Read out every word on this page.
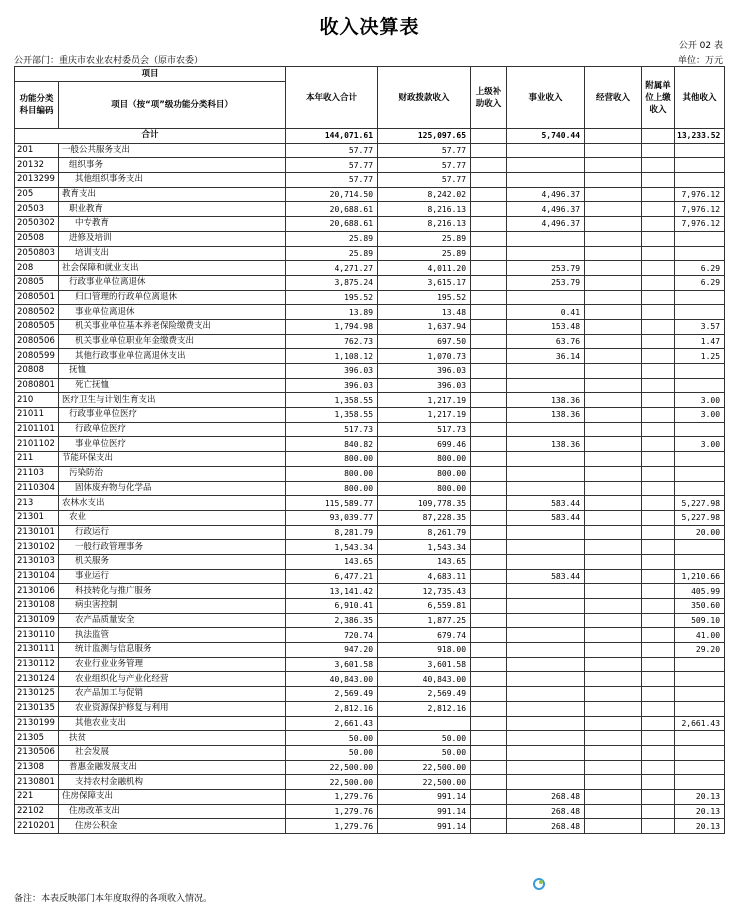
收入决算表
公开 02 表
公开部门：重庆市农业农村委员会（原市农委）	单位：万元
项目		本年收入合计	财政拨款收入	上级补助收入	事业收入	经营收入	附属单位上缴收入	其他收入
功能分类科目编码	项目（按“项”级功能分类科目）							
合计		144,071.61	125,097.65		5,740.44			13,233.52
201	一般公共服务支出	57.77	57.77					
20132	组织事务	57.77	57.77					
2013299	其他组织事务支出	57.77	57.77					
205	教育支出	20,714.50	8,242.02		4,496.37			7,976.12
20503	职业教育	20,688.61	8,216.13		4,496.37			7,976.12
2050302	中专教育	20,688.61	8,216.13		4,496.37			7,976.12
20508	进修及培训	25.89	25.89					
2050803	培训支出	25.89	25.89					
208	社会保障和就业支出	4,271.27	4,011.20		253.79			6.29
20805	行政事业单位离退休	3,875.24	3,615.17		253.79			6.29
2080501	归口管理的行政单位离退休	195.52	195.52					
2080502	事业单位离退休	13.89	13.48		0.41			
2080505	机关事业单位基本养老保险缴费支出	1,794.98	1,637.94		153.48			3.57
2080506	机关事业单位职业年金缴费支出	762.73	697.50		63.76			1.47
2080599	其他行政事业单位离退休支出	1,108.12	1,070.73		36.14			1.25
20808	抚恤	396.03	396.03					
2080801	死亡抚恤	396.03	396.03					
210	医疗卫生与计划生育支出	1,358.55	1,217.19		138.36			3.00
21011	行政事业单位医疗	1,358.55	1,217.19		138.36			3.00
2101101	行政单位医疗	517.73	517.73					
2101102	事业单位医疗	840.82	699.46		138.36			3.00
211	节能环保支出	800.00	800.00					
21103	污染防治	800.00	800.00					
2110304	固体废弃物与化学品	800.00	800.00					
213	农林水支出	115,589.77	109,778.35		583.44			5,227.98
21301	农业	93,039.77	87,228.35		583.44			5,227.98
2130101	行政运行	8,281.79	8,261.79					20.00
2130102	一般行政管理事务	1,543.34	1,543.34					
2130103	机关服务	143.65	143.65					
2130104	事业运行	6,477.21	4,683.11		583.44			1,210.66
2130106	科技转化与推广服务	13,141.42	12,735.43					405.99
2130108	病虫害控制	6,910.41	6,559.81					350.60
2130109	农产品质量安全	2,386.35	1,877.25					509.10
2130110	执法监管	720.74	679.74					41.00
2130111	统计监测与信息服务	947.20	918.00					29.20
2130112	农业行业业务管理	3,601.58	3,601.58					
2130124	农业组织化与产业化经营	40,843.00	40,843.00					
2130125	农产品加工与促销	2,569.49	2,569.49					
2130135	农业资源保护修复与利用	2,812.16	2,812.16					
2130199	其他农业支出	2,661.43						2,661.43
21305	扶贫	50.00	50.00					
2130506	社会发展	50.00	50.00					
21308	普惠金融发展支出	22,500.00	22,500.00					
2130801	支持农村金融机构	22,500.00	22,500.00					
221	住房保障支出	1,279.76	991.14		268.48			20.13
22102	住房改革支出	1,279.76	991.14		268.48			20.13
2210201	住房公积金	1,279.76	991.14		268.48			20.13
备注：本表反映部门本年度取得的各项收入情况。
